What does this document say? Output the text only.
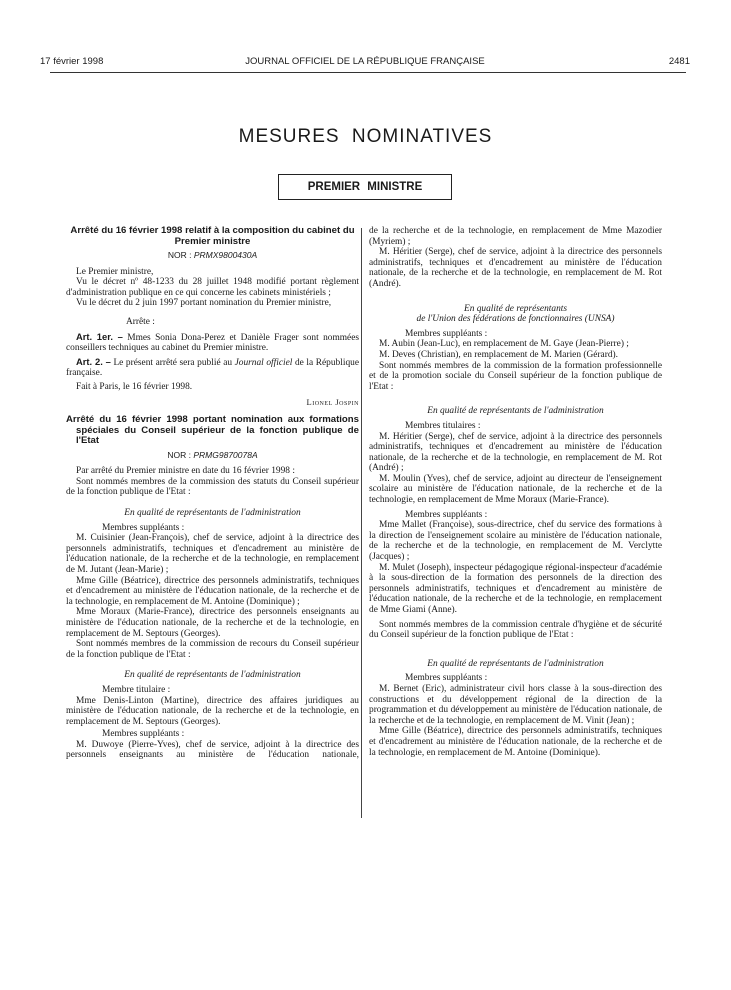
17 février 1998	JOURNAL OFFICIEL DE LA RÉPUBLIQUE FRANÇAISE	2481
MESURES NOMINATIVES
PREMIER MINISTRE

Arrêté du 16 février 1998 relatif à la composition du cabinet du Premier ministre

NOR : PRMX9800430A

Le Premier ministre,

Vu le décret nº 48-1233 du 28 juillet 1948 modifié portant règlement d'administration publique en ce qui concerne les cabinets ministériels ;

Vu le décret du 2 juin 1997 portant nomination du Premier ministre,

Arrête :

Art. 1er. – Mmes Sonia Dona-Perez et Danièle Frager sont nommées conseillers techniques au cabinet du Premier ministre.

Art. 2. – Le présent arrêté sera publié au Journal officiel de la République française.

Fait à Paris, le 16 février 1998.

Lionel Jospin

Arrêté du 16 février 1998 portant nomination aux formations spéciales du Conseil supérieur de la fonction publique de l'Etat

NOR : PRMG9870078A

Par arrêté du Premier ministre en date du 16 février 1998 :

Sont nommés membres de la commission des statuts du Conseil supérieur de la fonction publique de l'Etat :

En qualité de représentants de l'administration

Membres suppléants :

M. Cuisinier (Jean-François), chef de service, adjoint à la directrice des personnels administratifs, techniques et d'encadrement au ministère de l'éducation nationale, de la recherche et de la technologie, en remplacement de M. Jutant (Jean-Marie) ;

Mme Gille (Béatrice), directrice des personnels administratifs, techniques et d'encadrement au ministère de l'éducation nationale, de la recherche et de la technologie, en remplacement de M. Antoine (Dominique) ;

Mme Moraux (Marie-France), directrice des personnels enseignants au ministère de l'éducation nationale, de la recherche et de la technologie, en remplacement de M. Septours (Georges).

Sont nommés membres de la commission de recours du Conseil supérieur de la fonction publique de l'Etat :

En qualité de représentants de l'administration

Membre titulaire :

Mme Denis-Linton (Martine), directrice des affaires juridiques au ministère de l'éducation nationale, de la recherche et de la technologie, en remplacement de M. Septours (Georges).

Membres suppléants :

M. Duwoye (Pierre-Yves), chef de service, adjoint à la directrice des personnels enseignants au ministère de l'éducation nationale,

de la recherche et de la technologie, en remplacement de Mme Mazodier (Myriem) ;

M. Héritier (Serge), chef de service, adjoint à la directrice des personnels administratifs, techniques et d'encadrement au ministère de l'éducation nationale, de la recherche et de la technologie, en remplacement de M. Rot (André).

En qualité de représentants
de l'Union des fédérations de fonctionnaires (UNSA)

Membres suppléants :

M. Aubin (Jean-Luc), en remplacement de M. Gaye (Jean-Pierre) ;

M. Deves (Christian), en remplacement de M. Marien (Gérard).

Sont nommés membres de la commission de la formation professionnelle et de la promotion sociale du Conseil supérieur de la fonction publique de l'Etat :

En qualité de représentants de l'administration

Membres titulaires :

M. Héritier (Serge), chef de service, adjoint à la directrice des personnels administratifs, techniques et d'encadrement au ministère de l'éducation nationale, de la recherche et de la technologie, en remplacement de M. Rot (André) ;

M. Moulin (Yves), chef de service, adjoint au directeur de l'enseignement scolaire au ministère de l'éducation nationale, de la recherche et de la technologie, en remplacement de Mme Moraux (Marie-France).

Membres suppléants :

Mme Mallet (Françoise), sous-directrice, chef du service des formations à la direction de l'enseignement scolaire au ministère de l'éducation nationale, de la recherche et de la technologie, en remplacement de M. Verclytte (Jacques) ;

M. Mulet (Joseph), inspecteur pédagogique régional-inspecteur d'académie à la sous-direction de la formation des personnels de la direction des personnels administratifs, techniques et d'encadrement au ministère de l'éducation nationale, de la recherche et de la technologie, en remplacement de Mme Giami (Anne).

Sont nommés membres de la commission centrale d'hygiène et de sécurité du Conseil supérieur de la fonction publique de l'Etat :

En qualité de représentants de l'administration

Membres suppléants :

M. Bernet (Eric), administrateur civil hors classe à la sous-direction des constructions et du développement régional de la direction de la programmation et du développement au ministère de l'éducation nationale, de la recherche et de la technologie, en remplacement de M. Vinit (Jean) ;

Mme Gille (Béatrice), directrice des personnels administratifs, techniques et d'encadrement au ministère de l'éducation nationale, de la recherche et de la technologie, en remplacement de M. Antoine (Dominique).
